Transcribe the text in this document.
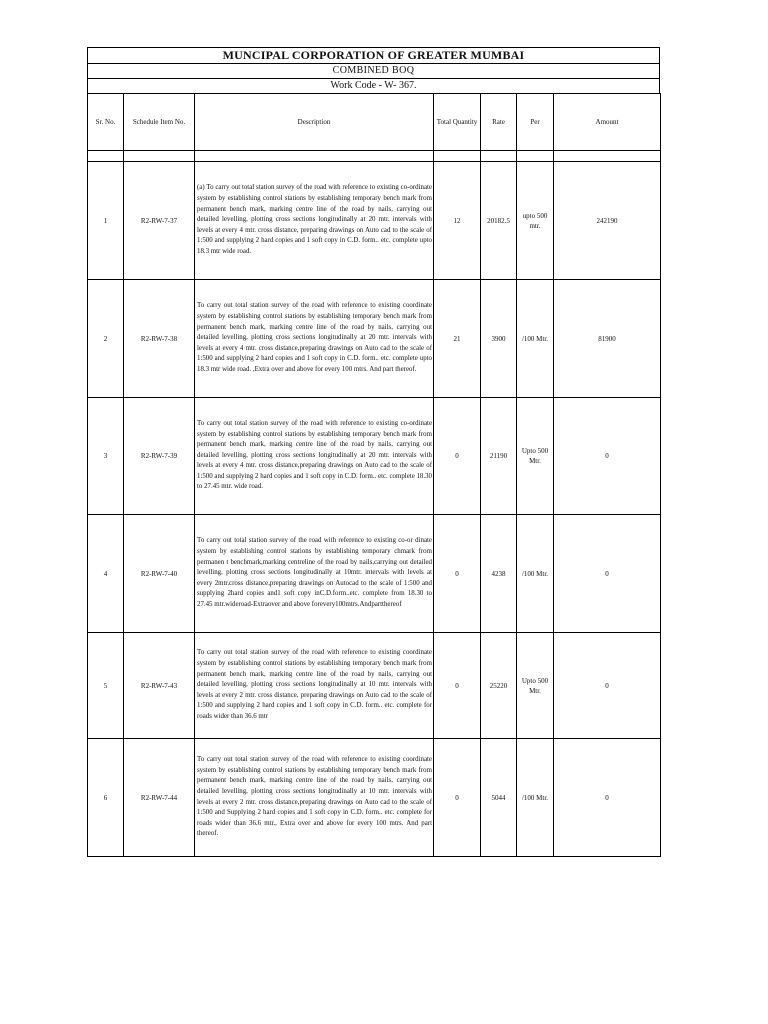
MUNCIPAL CORPORATION OF GREATER MUMBAI
COMBINED BOQ
Work Code - W- 367.
Sr. No.	Schedule Item No.	Description	Total Quantity	Rate	Per	Amount

1	R2-RW-7-37	(a) To carry out total station survey of the road with reference to existing co-ordinate system by establishing control stations by establishing temporary bench mark from permanent bench mark, marking centre line of the road by nails, carrying out detailed levelling, plotting cross sections longitudinally at 20 mtr. intervals with levels at every 4 mtr. cross distance, preparing drawings on Auto cad to the scale of 1:500 and supplying 2 hard copies and 1 soft copy in C.D. form.. etc. complete upto 18.3 mtr wide road.	12	20182.5	upto 500 mtr.	242190
2	R2-RW-7-38	To carry out total station survey of the road with reference to existing coordinate system by establishing control stations by establishing temporary bench mark from permanent bench mark, marking centre line of the road by nails, carrying out detailed levelling, plotting cross sections longitudinally at 20 mtr. intervals with levels at every 4 mtr. cross distance,preparing drawings on Auto cad to the scale of 1:500 and supplying 2 hard copies and 1 soft copy in C.D. form.. etc. complete upto 18.3 mtr wide road. ,Extra over and above for every 100 mtrs. And part thereof.	21	3900	/100 Mtr.	81900
3	R2-RW-7-39	To carry out total station survey of the road with reference to existing co-ordinate system by establishing control stations by establishing temporary bench mark from permanent bench mark, marking centre line of the road by nails, carrying out detailed levelling, plotting cross sections longitudinally at 20 mtr. intervals with levels at every 4 mtr. cross distance,preparing drawings on Auto cad to the scale of 1:500 and supplying 2 hard copies and 1 soft copy in C.D. form.. etc. complete 18.30 to 27.45 mtr. wide road.	0	21190	Upto 500 Mtr.	0
4	R2-RW-7-40	To carry out total station survey of the road with reference to existing co-or dinate system by establishing control stations by establishing temporary chmark from permanen t benchmark,marking centreline of the road by nails,carrying out detailed levelling, plotting cross sections longitudinally at 10mtr. intervals with levels at every 2mtr.cross distance,preparing drawings on Autocad to the scale of 1:500 and supplying 2hard copies and1 soft copy inC.D.form..etc. complete from 18.30 to 27.45 mtr.wideroad-Extraover and above forevery100mtrs.Andpartthereof	0	4238	/100 Mtr.	0
5	R2-RW-7-43	To carry out total station survey of the road with reference to existing coordinate system by establishing control stations by establishing temporary bench mark from permanent bench mark, marking centre line of the road by nails, carrying out detailed levelling, plotting cross sections longitudinally at 10 mtr. intervals with levels at every 2 mtr. cross distance, preparing drawings on Auto cad to the scale of 1:500 and supplying 2 hard copies and 1 soft copy in C.D. form.. etc. complete for roads wider than 36.6 mtr	0	25220	Upto 500 Mtr.	0
6	R2-RW-7-44	To carry out total station survey of the road with reference to existing coordinate system by establishing control stations by establishing temporary bench mark from permanent bench mark, marking centre line of the road by nails, carrying out detailed levelling, plotting cross sections longitudinally at 10 mtr. intervals with levels at every 2 mtr. cross distance,preparing drawings on Auto cad to the scale of 1:500 and Supplying 2 hard copies and 1 soft copy in C.D. form.. etc. complete for roads wider than 36.6 mtr., Extra over and above for every 100 mtrs. And part thereof.	0	5044	/100 Mtr.	0
